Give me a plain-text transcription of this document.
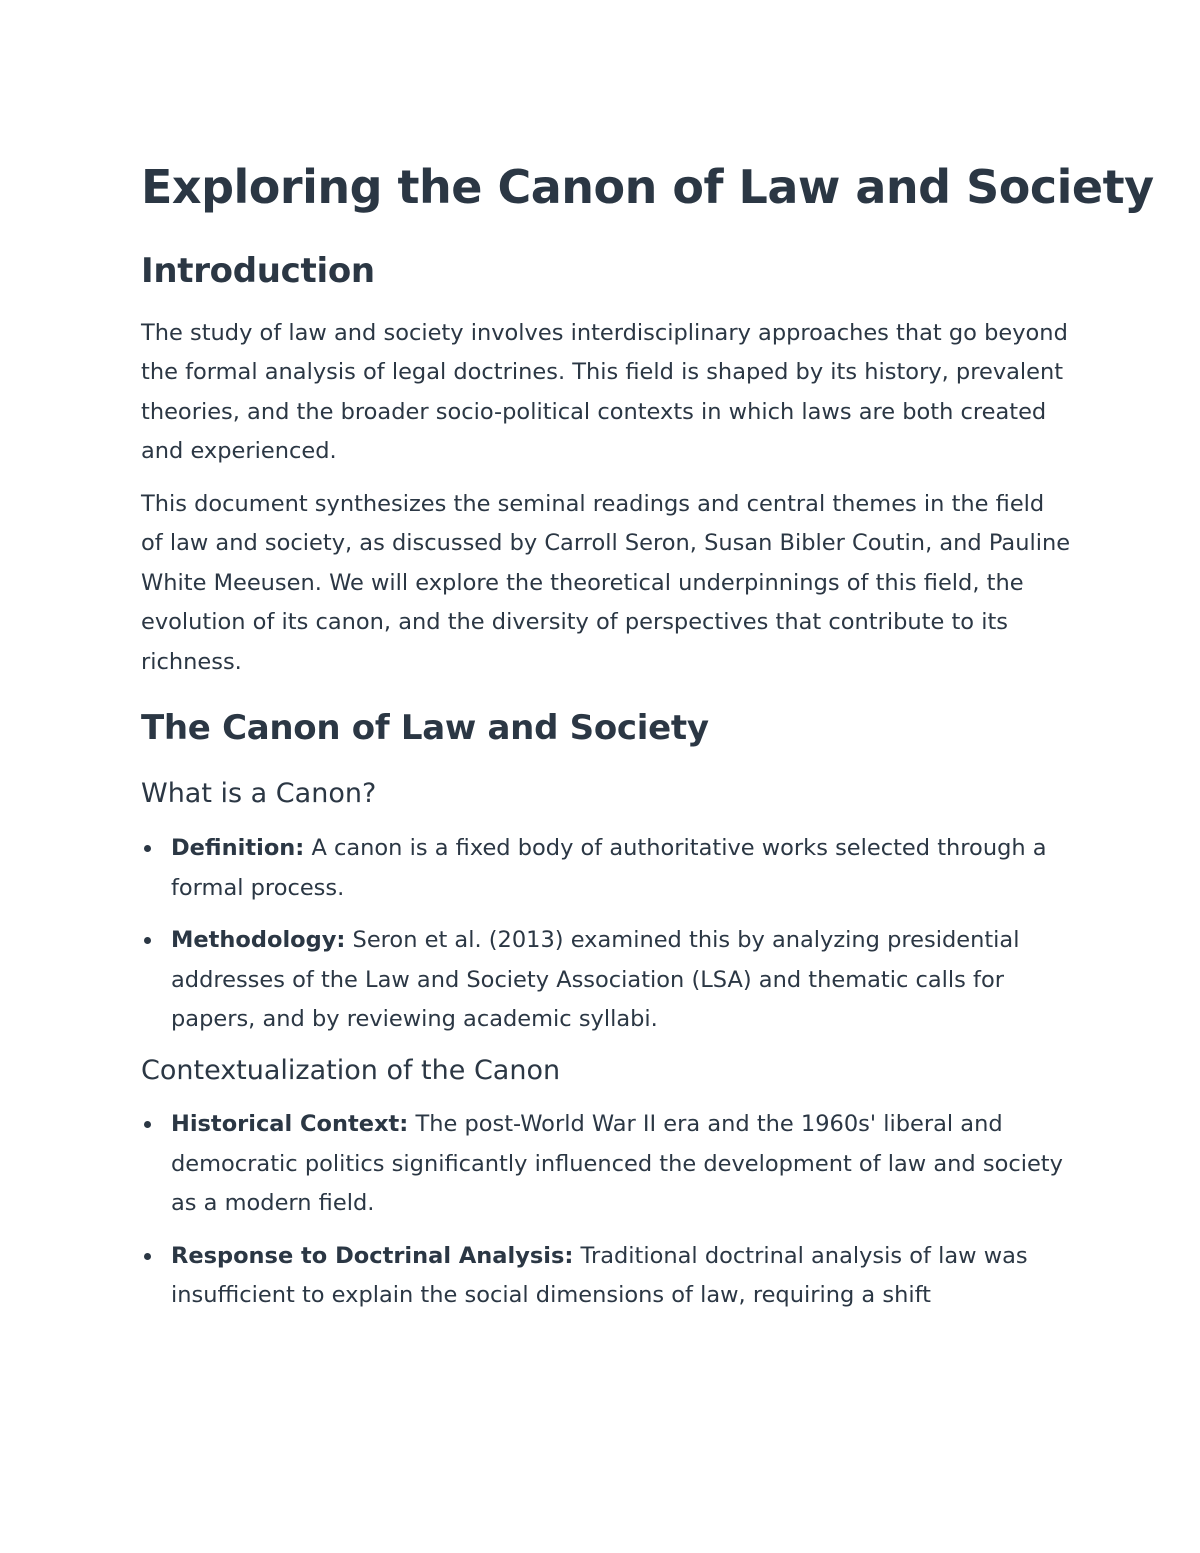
Exploring the Canon of Law and Society
Introduction

The study of law and society involves interdisciplinary approaches that go beyond the formal analysis of legal doctrines. This field is shaped by its history, prevalent theories, and the broader socio-political contexts in which laws are both created and experienced.

This document synthesizes the seminal readings and central themes in the field of law and society, as discussed by Carroll Seron, Susan Bibler Coutin, and Pauline White Meeusen. We will explore the theoretical underpinnings of this field, the evolution of its canon, and the diversity of perspectives that contribute to its richness.

The Canon of Law and Society
What is a Canon?
Definition: A canon is a fixed body of authoritative works selected through a formal process.
Methodology: Seron et al. (2013) examined this by analyzing presidential addresses of the Law and Society Association (LSA) and thematic calls for papers, and by reviewing academic syllabi.
Contextualization of the Canon
Historical Context: The post-World War II era and the 1960s' liberal and democratic politics significantly influenced the development of law and society as a modern field.
Response to Doctrinal Analysis: Traditional doctrinal analysis of law was insufficient to explain the social dimensions of law, requiring a shift
